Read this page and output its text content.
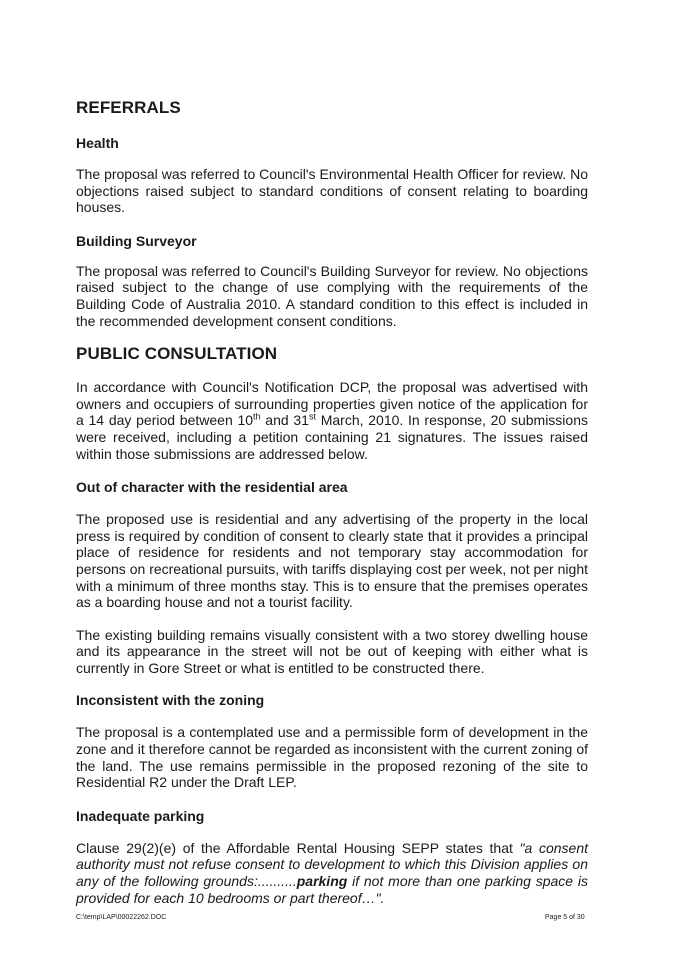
REFERRALS
Health

The proposal was referred to Council's Environmental Health Officer for review. No objections raised subject to standard conditions of consent relating to boarding houses.

Building Surveyor

The proposal was referred to Council's Building Surveyor for review. No objections raised subject to the change of use complying with the requirements of the Building Code of Australia 2010. A standard condition to this effect is included in the recommended development consent conditions.

PUBLIC CONSULTATION

In accordance with Council's Notification DCP, the proposal was advertised with owners and occupiers of surrounding properties given notice of the application for a 14 day period between 10th and 31st March, 2010. In response, 20 submissions were received, including a petition containing 21 signatures. The issues raised within those submissions are addressed below.

Out of character with the residential area

The proposed use is residential and any advertising of the property in the local press is required by condition of consent to clearly state that it provides a principal place of residence for residents and not temporary stay accommodation for persons on recreational pursuits, with tariffs displaying cost per week, not per night with a minimum of three months stay. This is to ensure that the premises operates as a boarding house and not a tourist facility.

The existing building remains visually consistent with a two storey dwelling house and its appearance in the street will not be out of keeping with either what is currently in Gore Street or what is entitled to be constructed there.

Inconsistent with the zoning

The proposal is a contemplated use and a permissible form of development in the zone and it therefore cannot be regarded as inconsistent with the current zoning of the land. The use remains permissible in the proposed rezoning of the site to Residential R2 under the Draft LEP.

Inadequate parking

Clause 29(2)(e) of the Affordable Rental Housing SEPP states that "a consent authority must not refuse consent to development to which this Division applies on any of the following grounds:..........parking if not more than one parking space is provided for each 10 bedrooms or part thereof…".

C:\temp\LAP\00022262.DOC	Page 5 of 30
